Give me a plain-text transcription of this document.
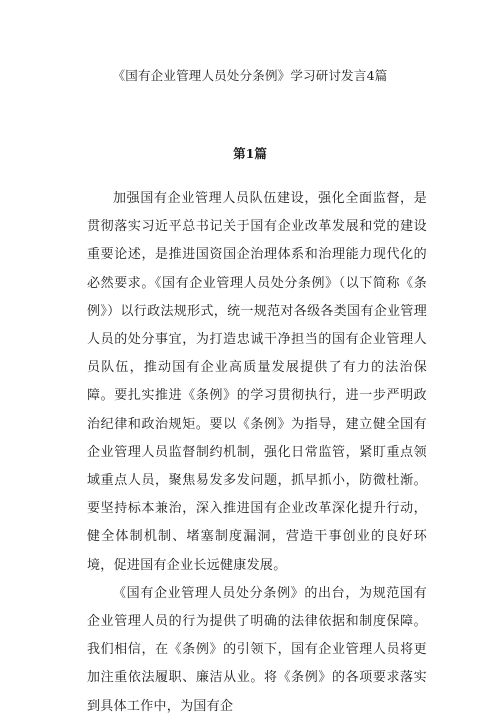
《国有企业管理人员处分条例》学习研讨发言4篇
第1篇

加强国有企业管理人员队伍建设，强化全面监督，是贯彻落实习近平总书记关于国有企业改革发展和党的建设重要论述，是推进国资国企治理体系和治理能力现代化的必然要求。《国有企业管理人员处分条例》（以下简称《条例》）以行政法规形式，统一规范对各级各类国有企业管理人员的处分事宜，为打造忠诚干净担当的国有企业管理人员队伍，推动国有企业高质量发展提供了有力的法治保障。要扎实推进《条例》的学习贯彻执行，进一步严明政治纪律和政治规矩。要以《条例》为指导，建立健全国有企业管理人员监督制约机制，强化日常监管，紧盯重点领域重点人员，聚焦易发多发问题，抓早抓小，防微杜渐。要坚持标本兼治，深入推进国有企业改革深化提升行动，健全体制机制、堵塞制度漏洞，营造干事创业的良好环境，促进国有企业长远健康发展。

《国有企业管理人员处分条例》的出台，为规范国有企业管理人员的行为提供了明确的法律依据和制度保障。我们相信，在《条例》的引领下，国有企业管理人员将更加注重依法履职、廉洁从业。将《条例》的各项要求落实到具体工作中，为国有企
